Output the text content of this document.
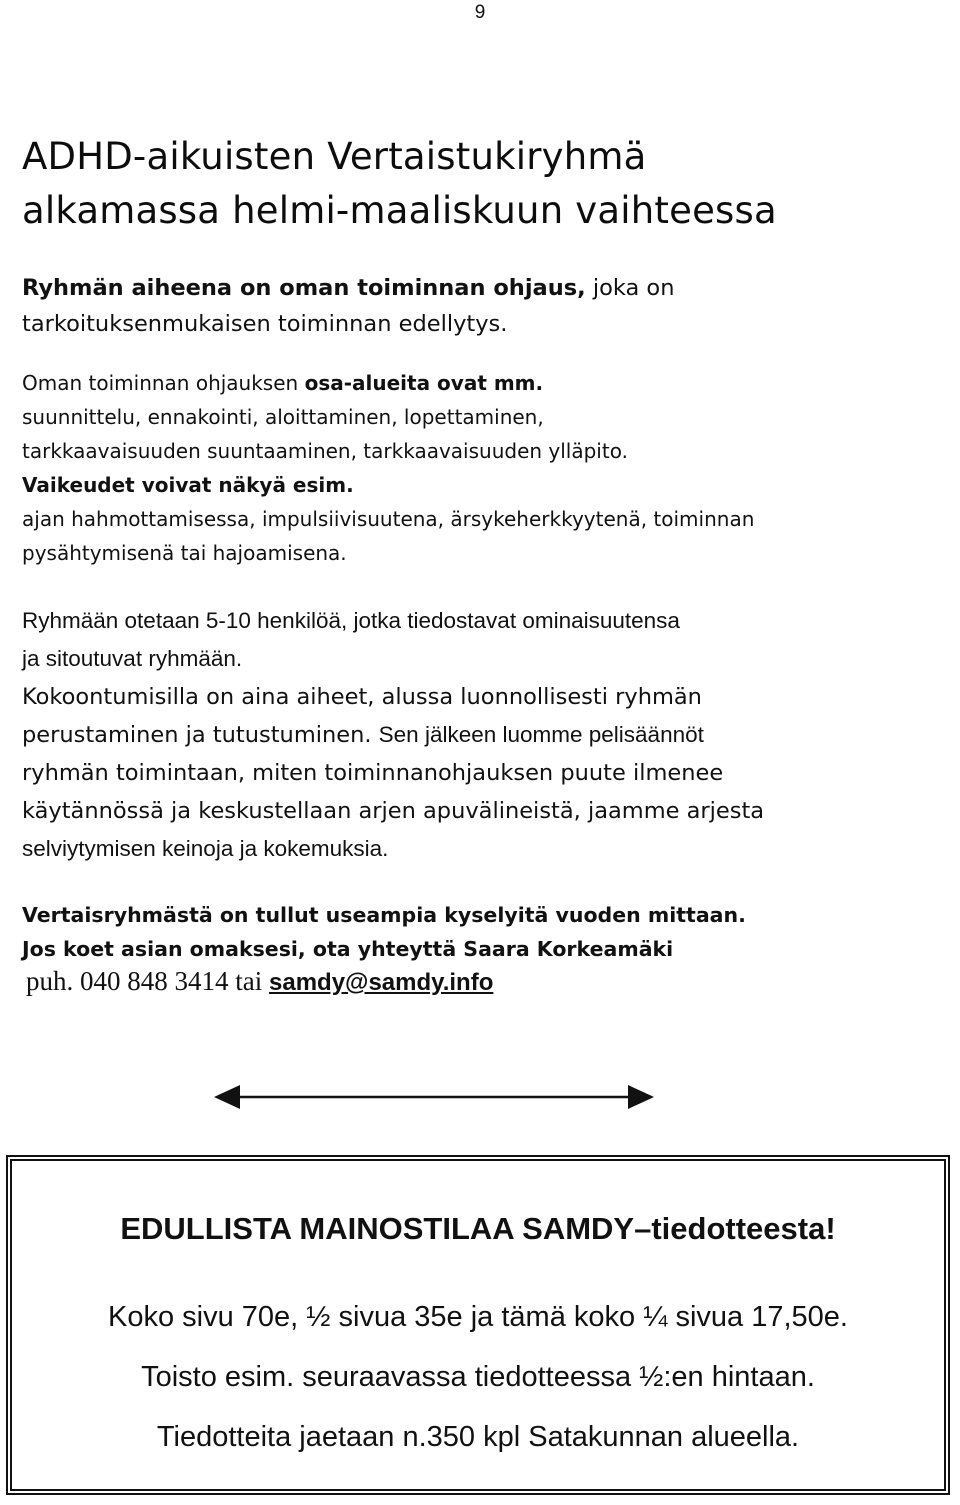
9
ADHD-aikuisten Vertaistukiryhmä
alkamassa helmi-maaliskuun vaihteessa
Ryhmän aiheena on oman toiminnan ohjaus, joka on
tarkoituksenmukaisen toiminnan edellytys.
Oman toiminnan ohjauksen osa-alueita ovat mm.
suunnittelu, ennakointi, aloittaminen, lopettaminen,
tarkkaavaisuuden suuntaaminen, tarkkaavaisuuden ylläpito.
Vaikeudet voivat näkyä esim.
ajan hahmottamisessa, impulsiivisuutena, ärsykeherkkyytenä, toiminnan
pysähtymisenä tai hajoamisena.
Ryhmään otetaan 5-10 henkilöä, jotka tiedostavat ominaisuutensa
ja sitoutuvat ryhmään.
Kokoontumisilla on aina aiheet, alussa luonnollisesti ryhmän
perustaminen ja tutustuminen. Sen jälkeen luomme pelisäännöt
ryhmän toimintaan, miten toiminnanohjauksen puute ilmenee
käytännössä ja keskustellaan arjen apuvälineistä, jaamme arjesta
selviytymisen keinoja ja kokemuksia.
Vertaisryhmästä on tullut useampia kyselyitä vuoden mittaan.
Jos koet asian omaksesi, ota yhteyttä Saara Korkeamäki
puh. 040 848 3414 tai samdy@samdy.info
EDULLISTA MAINOSTILAA SAMDY–tiedotteesta!
Koko sivu 70e, ½ sivua 35e ja tämä koko ¼ sivua 17,50e.
Toisto esim. seuraavassa tiedotteessa ½:en hintaan.
Tiedotteita jaetaan n.350 kpl Satakunnan alueella.
